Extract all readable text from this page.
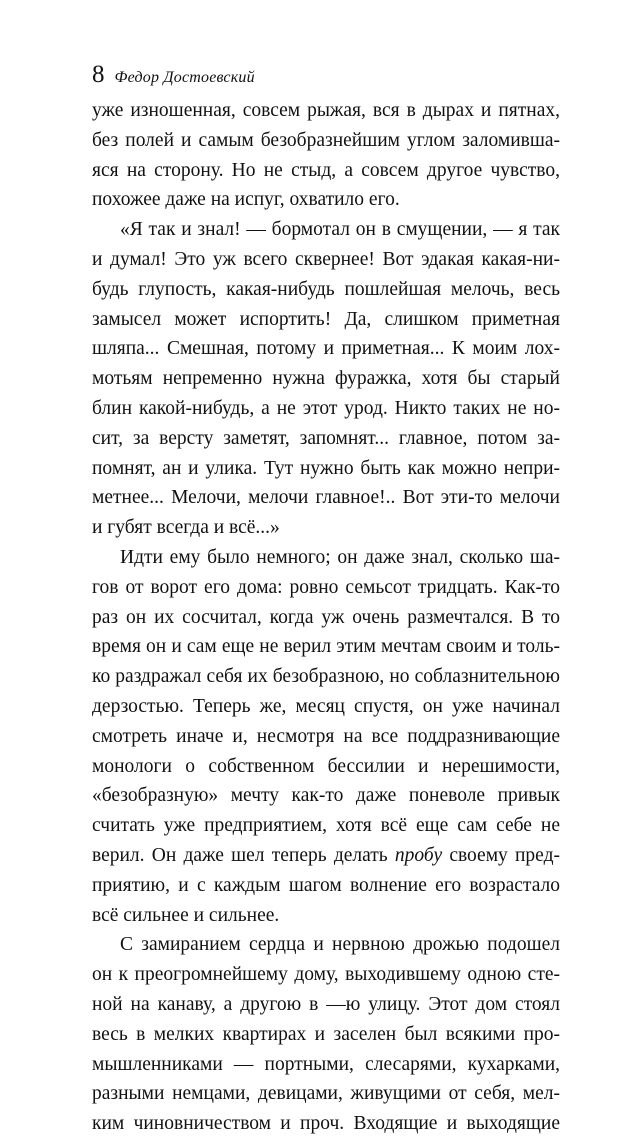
8 Федор Достоевский
уже изношенная, совсем рыжая, вся в дырах и пятнах,
без полей и самым безобразнейшим углом заломивша-
яся на сторону. Но не стыд, а совсем другое чувство,
похожее даже на испуг, охватило его.
«Я так и знал! — бормотал он в смущении, — я так
и думал! Это уж всего сквернее! Вот эдакая какая-ни-
будь глупость, какая-нибудь пошлейшая мелочь, весь
замысел может испортить! Да, слишком приметная
шляпа... Смешная, потому и приметная... К моим лох-
мотьям непременно нужна фуражка, хотя бы старый
блин какой-нибудь, а не этот урод. Никто таких не но-
сит, за версту заметят, запомнят... главное, потом за-
помнят, ан и улика. Тут нужно быть как можно непри-
метнее... Мелочи, мелочи главное!.. Вот эти-то мелочи
и губят всегда и всё...»
Идти ему было немного; он даже знал, сколько ша-
гов от ворот его дома: ровно семьсот тридцать. Как-то
раз он их сосчитал, когда уж очень размечтался. В то
время он и сам еще не верил этим мечтам своим и толь-
ко раздражал себя их безобразною, но соблазнительною
дерзостью. Теперь же, месяц спустя, он уже начинал
смотреть иначе и, несмотря на все поддразнивающие
монологи о собственном бессилии и нерешимости,
«безобразную» мечту как-то даже поневоле привык
считать уже предприятием, хотя всё еще сам себе не
верил. Он даже шел теперь делать пробу своему пред-
приятию, и с каждым шагом волнение его возрастало
всё сильнее и сильнее.
С замиранием сердца и нервною дрожью подошел
он к преогромнейшему дому, выходившему одною сте-
ной на канаву, а другою в —ю улицу. Этот дом стоял
весь в мелких квартирах и заселен был всякими про-
мышленниками — портными, слесарями, кухарками,
разными немцами, девицами, живущими от себя, мел-
ким чиновничеством и проч. Входящие и выходящие
